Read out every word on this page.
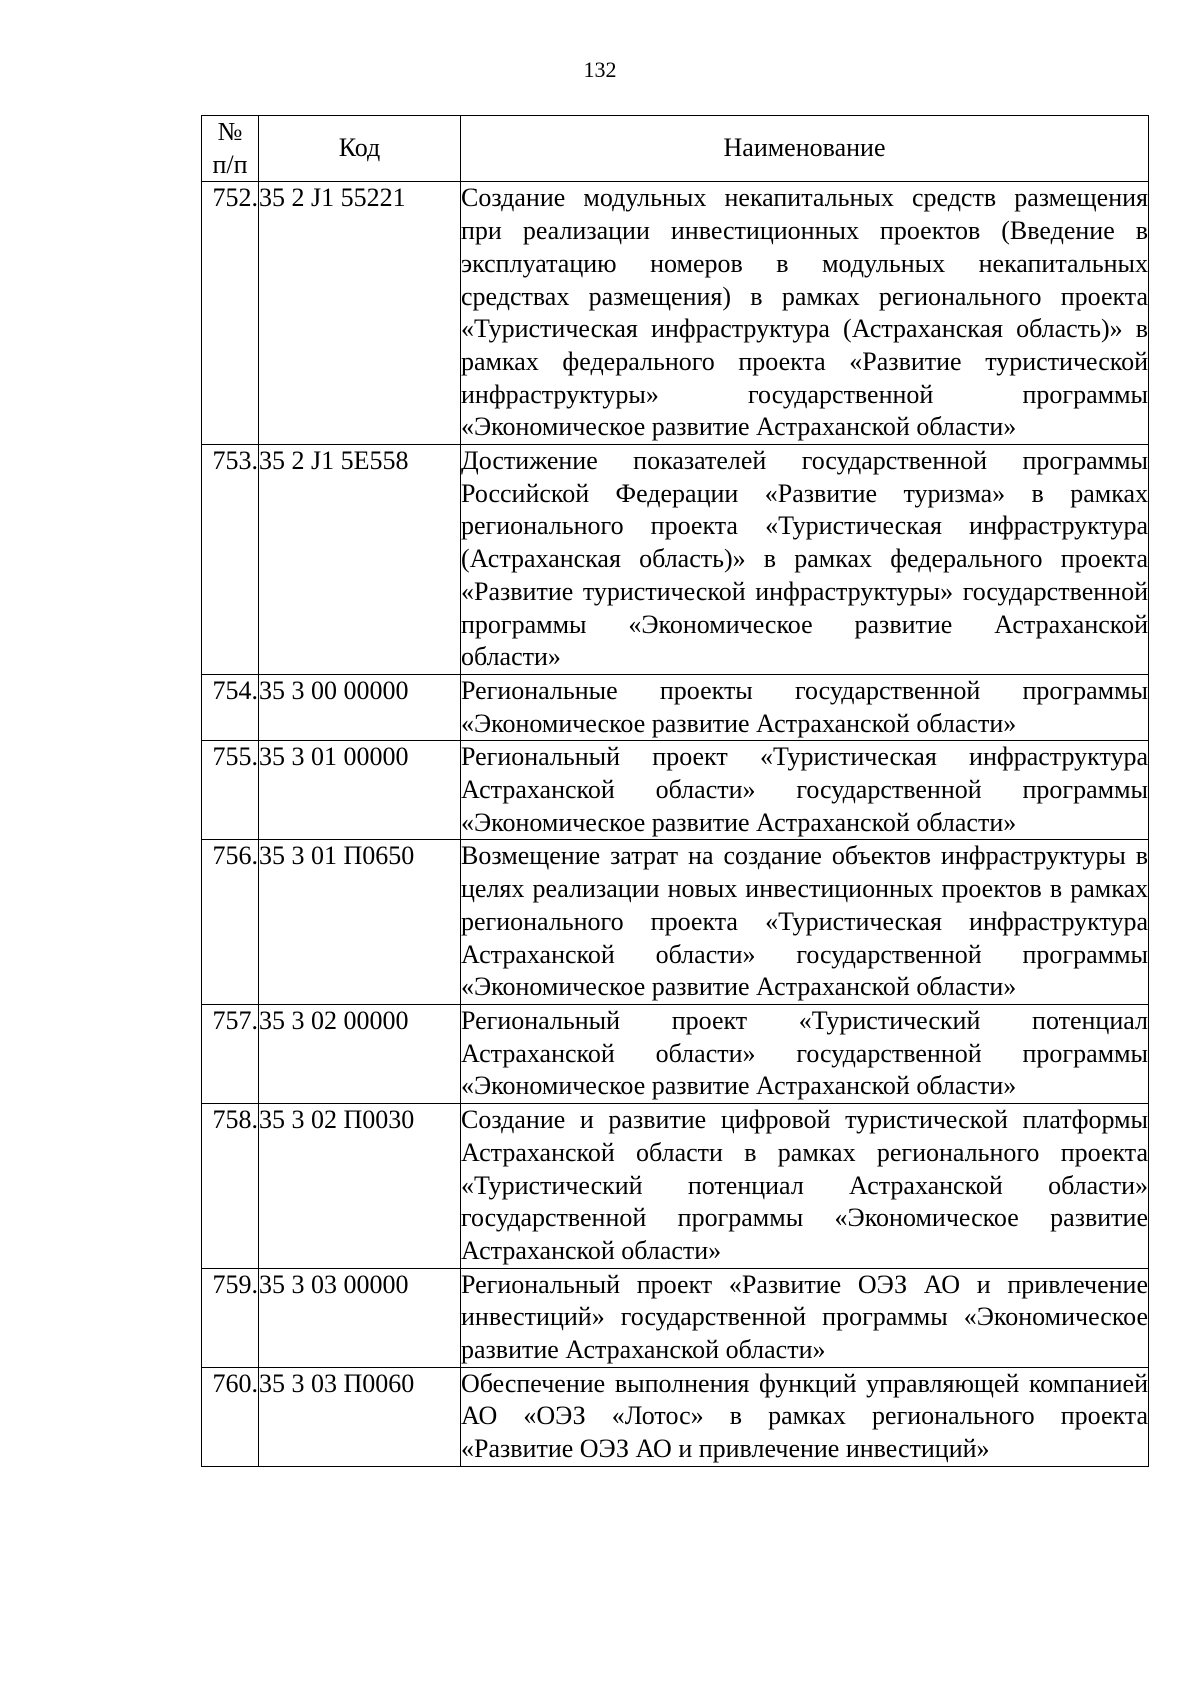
132
№
п/п	Код	Наименование
752.	35 2 J1 55221	Создание модульных некапитальных средств размещения при реализации инвестиционных проектов (Введение в эксплуатацию номеров в модульных некапитальных средствах размещения) в рамках регионального проекта «Туристическая инфраструктура (Астраханская область)» в рамках федерального проекта «Развитие туристической инфраструктуры» государственной программы «Экономическое развитие Астраханской области»
753.	35 2 J1 5E558	Достижение показателей государственной программы Российской Федерации «Развитие туризма» в рамках регионального проекта «Туристическая инфраструктура (Астраханская область)» в рамках федерального проекта «Развитие туристической инфраструктуры» государственной программы «Экономическое развитие Астраханской области»
754.	35 3 00 00000	Региональные проекты государственной программы «Экономическое развитие Астраханской области»
755.	35 3 01 00000	Региональный проект «Туристическая инфраструктура Астраханской области» государственной программы «Экономическое развитие Астраханской области»
756.	35 3 01 П0650	Возмещение затрат на создание объектов инфраструктуры в целях реализации новых инвестиционных проектов в рамках регионального проекта «Туристическая инфраструктура Астраханской области» государственной программы «Экономическое развитие Астраханской области»
757.	35 3 02 00000	Региональный проект «Туристический потенциал Астраханской области» государственной программы «Экономическое развитие Астраханской области»
758.	35 3 02 П0030	Создание и развитие цифровой туристической платформы Астраханской области в рамках регионального проекта «Туристический потенциал Астраханской области» государственной программы «Экономическое развитие Астраханской области»
759.	35 3 03 00000	Региональный проект «Развитие ОЭЗ АО и привлечение инвестиций» государственной программы «Экономическое развитие Астраханской области»
760.	35 3 03 П0060	Обеспечение выполнения функций управляющей компанией АО «ОЭЗ «Лотос» в рамках регионального проекта «Развитие ОЭЗ АО и привлечение инвестиций»
